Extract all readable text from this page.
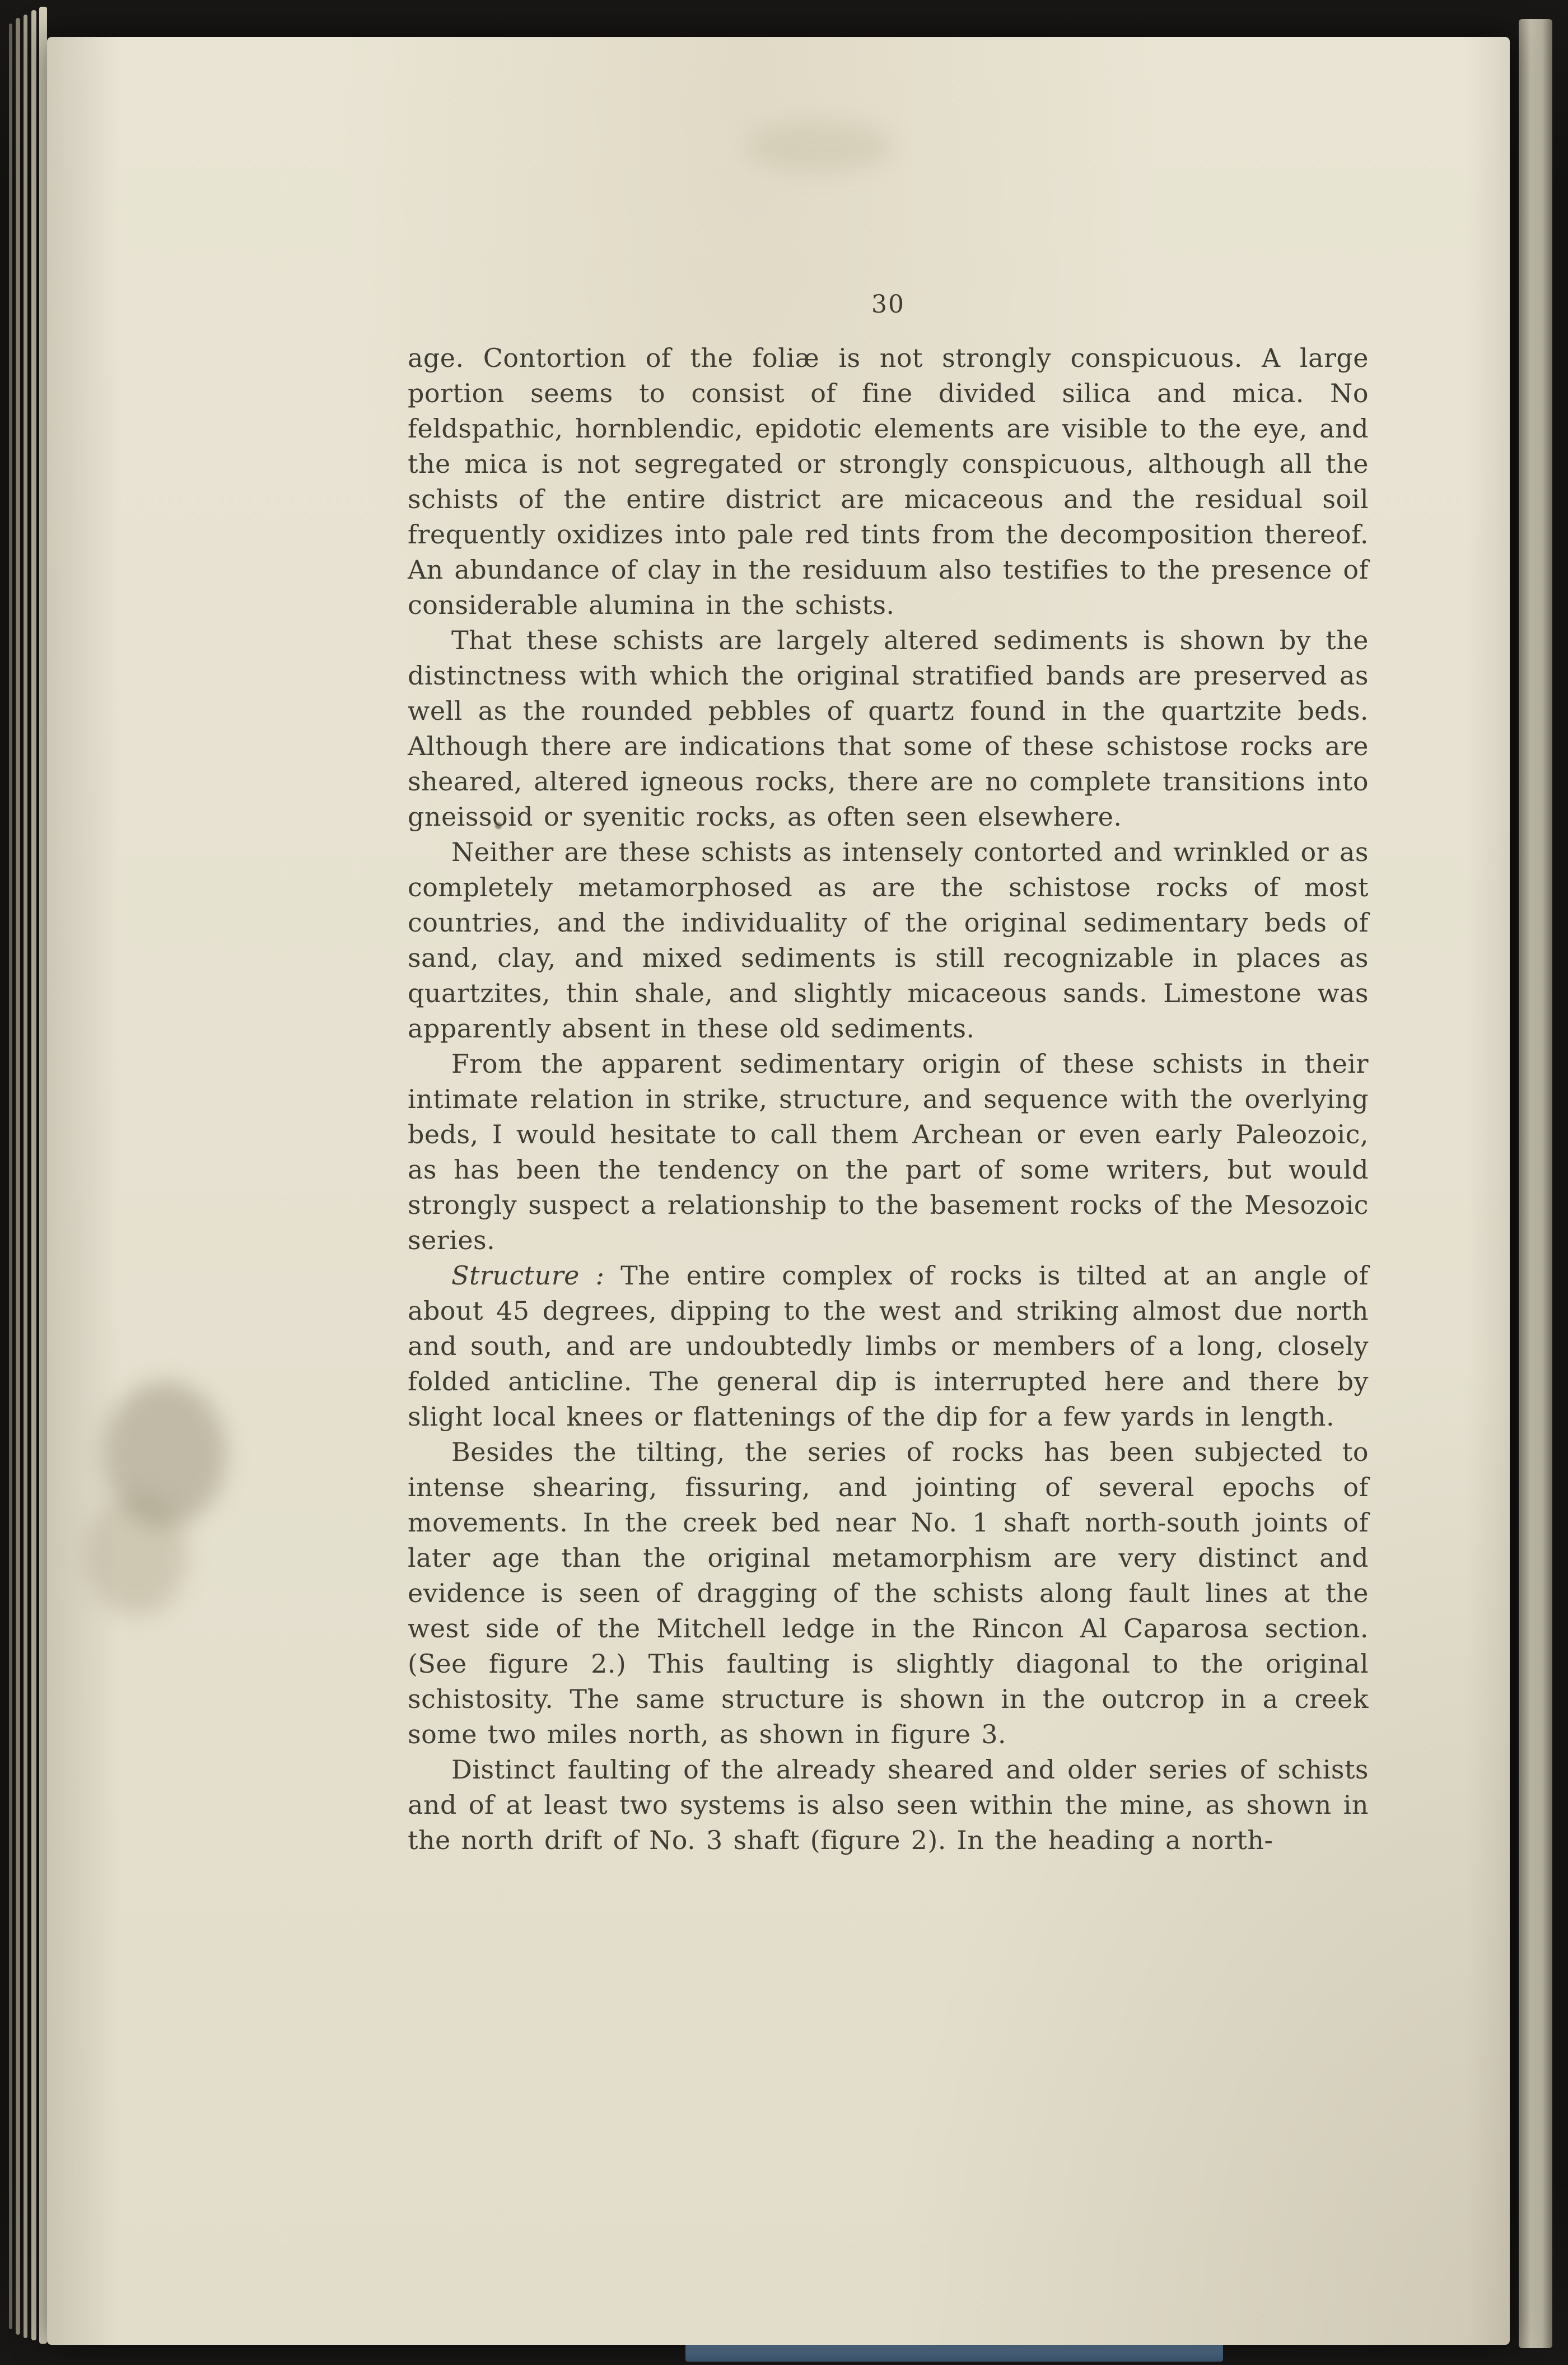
30

age. Contortion of the foliæ is not strongly conspicuous. A large portion seems to consist of fine divided silica and mica. No feldspathic, hornblendic, epidotic elements are visible to the eye, and the mica is not segregated or strongly conspicuous, although all the schists of the entire district are micaceous and the residual soil frequently oxidizes into pale red tints from the decomposition thereof. An abundance of clay in the residuum also testifies to the presence of considerable alumina in the schists.

That these schists are largely altered sediments is shown by the distinctness with which the original stratified bands are preserved as well as the rounded pebbles of quartz found in the quartzite beds. Although there are indications that some of these schistose rocks are sheared, altered igneous rocks, there are no complete transitions into gneissoid or syenitic rocks, as often seen elsewhere.

Neither are these schists as intensely contorted and wrinkled or as completely metamorphosed as are the schistose rocks of most countries, and the individuality of the original sedimentary beds of sand, clay, and mixed sediments is still recognizable in places as quartzites, thin shale, and slightly micaceous sands. Limestone was apparently absent in these old sediments.

From the apparent sedimentary origin of these schists in their intimate relation in strike, structure, and sequence with the overlying beds, I would hesitate to call them Archean or even early Paleozoic, as has been the tendency on the part of some writers, but would strongly suspect a relationship to the basement rocks of the Mesozoic series.

Structure : The entire complex of rocks is tilted at an angle of about 45 degrees, dipping to the west and striking almost due north and south, and are undoubtedly limbs or members of a long, closely folded anticline. The general dip is interrupted here and there by slight local knees or flattenings of the dip for a few yards in length.

Besides the tilting, the series of rocks has been subjected to intense shearing, fissuring, and jointing of several epochs of movements. In the creek bed near No. 1 shaft north-south joints of later age than the original metamorphism are very distinct and evidence is seen of dragging of the schists along fault lines at the west side of the Mitchell ledge in the Rincon Al Caparosa section. (See figure 2.) This faulting is slightly diagonal to the original schistosity. The same structure is shown in the outcrop in a creek some two miles north, as shown in figure 3.

Distinct faulting of the already sheared and older series of schists and of at least two systems is also seen within the mine, as shown in the north drift of No. 3 shaft (figure 2). In the heading a north-
